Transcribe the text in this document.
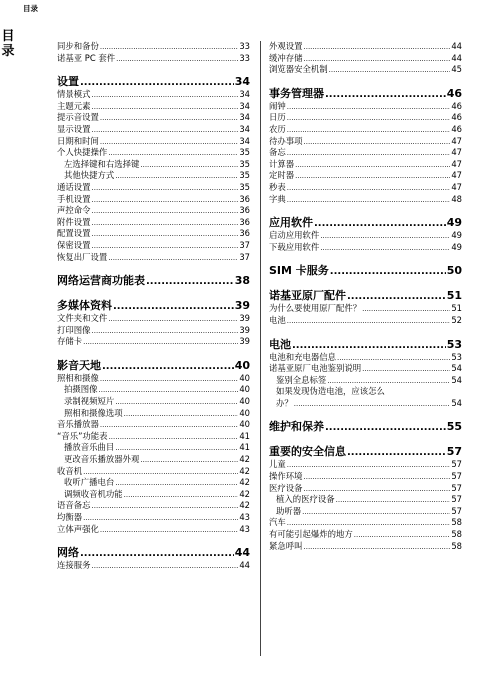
目录
目录	同步和备份 .....	33
诺基亚 PC 套件 .....	33
设置 .....	34
情景模式 .....	34
主题元素 .....	34
提示音设置 .....	34
显示设置 .....	34
日期和时间 .....	34
个人快捷操作 .....	35
左选择键和右选择键 .....	35
其他快捷方式 .....	35
通话设置 .....	35
手机设置 .....	36
声控命令 .....	36
附件设置 .....	36
配置设置 .....	36
保密设置 .....	37
恢复出厂设置 .....	37
网络运营商功能表 .....	38
多媒体资料 .....	39
文件夹和文件 .....	39
打印图像 .....	39
存储卡 .....	39
影音天地 .....	40
照相和摄像 .....	40
拍摄图像 .....	40
录制视频短片 .....	40
照相和摄像选项 .....	40
音乐播放器 .....	40
“音乐”功能表 .....	41
播放音乐曲目 .....	41
更改音乐播放器外观 .....	42
收音机 .....	42
收听广播电台 .....	42
调频收音机功能 .....	42
语音备忘 .....	42
均衡器 .....	43
立体声强化 .....	43
网络 .....	44
连接服务 .....	44
外观设置 .....	44
缓冲存储 .....	44
浏览器安全机制 .....	45
事务管理器 .....	46
闹钟 .....	46
日历 .....	46
农历 .....	46
待办事项 .....	47
备忘 .....	47
计算器 .....	47
定时器 .....	47
秒表 .....	47
字典 .....	48
应用软件 .....	49
启动应用软件 .....	49
下载应用软件 .....	49
SIM 卡服务 .....	50
诺基亚原厂配件 .....	51
为什么要使用原厂配件？ .....	51
电池 .....	52
电池 .....	53
电池和充电器信息 .....	53
诺基亚原厂电池鉴别说明 .....	54
鉴别全息标签 .....	54
如果发现伪造电池，应该怎么
办？ .....	54
维护和保养 .....	55
重要的安全信息 .....	57
儿童 .....	57
操作环境 .....	57
医疗设备 .....	57
植入的医疗设备 .....	57
助听器 .....	57
汽车 .....	58
有可能引起爆炸的地方 .....	58
紧急呼叫 .....	58
